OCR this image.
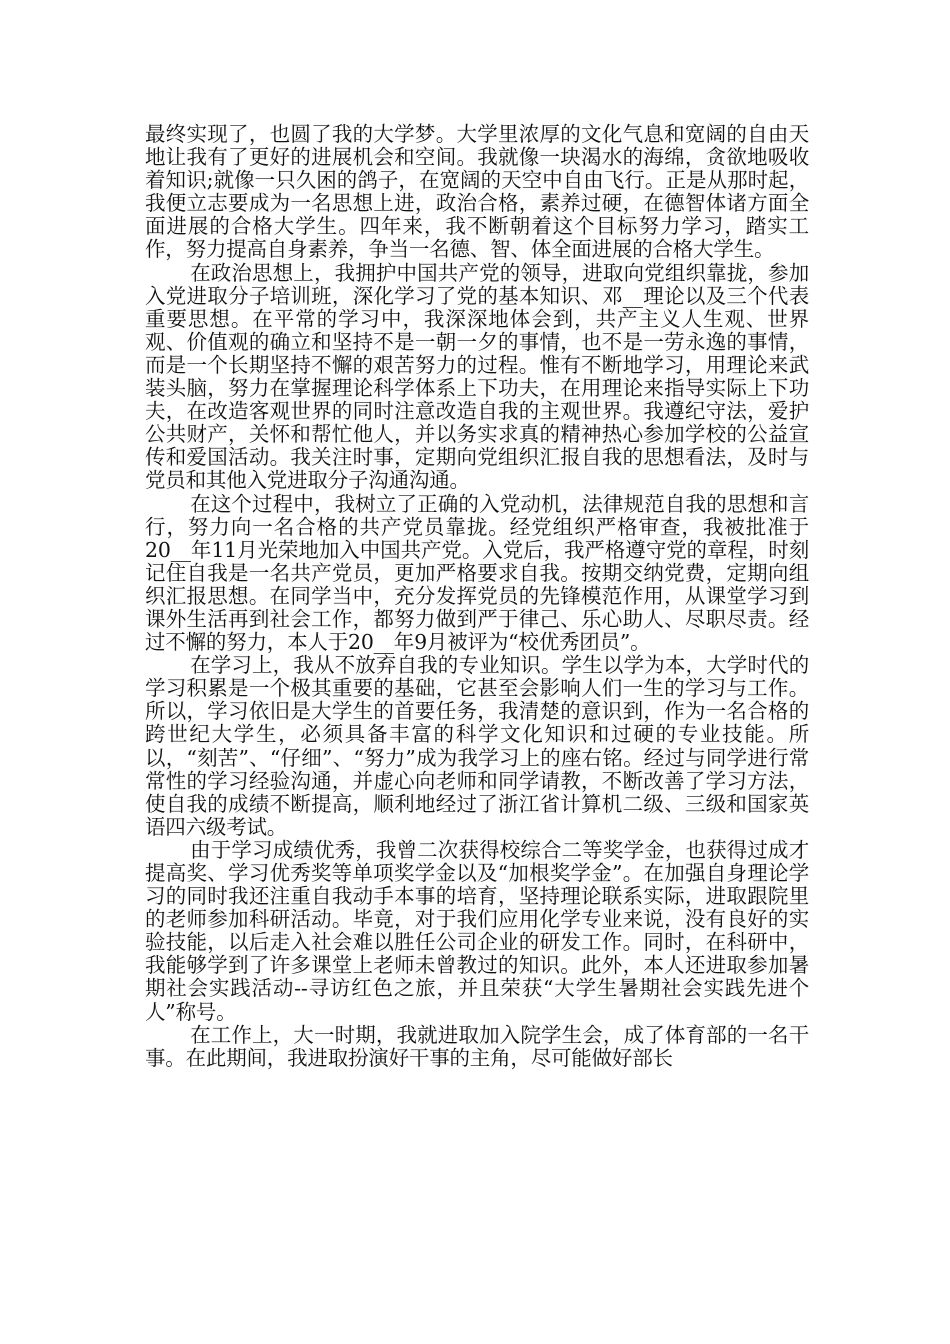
最终实现了，也圆了我的大学梦。大学里浓厚的文化气息和宽阔的自由天地让我有了更好的进展机会和空间。我就像一块渴水的海绵，贪欲地吸收着知识;就像一只久困的鸽子，在宽阔的天空中自由飞行。正是从那时起，我便立志要成为一名思想上进，政治合格，素养过硬，在德智体诸方面全面进展的合格大学生。四年来，我不断朝着这个目标努力学习，踏实工作，努力提高自身素养，争当一名德、智、体全面进展的合格大学生。

在政治思想上，我拥护中国共产党的领导，进取向党组织靠拢，参加入党进取分子培训班，深化学习了党的基本知识、邓__理论以及三个代表重要思想。在平常的学习中，我深深地体会到，共产主义人生观、世界观、价值观的确立和坚持不是一朝一夕的事情，也不是一劳永逸的事情，而是一个长期坚持不懈的艰苦努力的过程。惟有不断地学习，用理论来武装头脑，努力在掌握理论科学体系上下功夫，在用理论来指导实际上下功夫，在改造客观世界的同时注意改造自我的主观世界。我遵纪守法，爱护公共财产，关怀和帮忙他人，并以务实求真的精神热心参加学校的公益宣传和爱国活动。我关注时事，定期向党组织汇报自我的思想看法，及时与党员和其他入党进取分子沟通沟通。

在这个过程中，我树立了正确的入党动机，法律规范自我的思想和言行，努力向一名合格的共产党员靠拢。经党组织严格审查，我被批准于20__年11月光荣地加入中国共产党。入党后，我严格遵守党的章程，时刻记住自我是一名共产党员，更加严格要求自我。按期交纳党费，定期向组织汇报思想。在同学当中，充分发挥党员的先锋模范作用，从课堂学习到课外生活再到社会工作，都努力做到严于律己、乐心助人、尽职尽责。经过不懈的努力，本人于20__年9月被评为“校优秀团员”。

在学习上，我从不放弃自我的专业知识。学生以学为本，大学时代的学习积累是一个极其重要的基础，它甚至会影响人们一生的学习与工作。所以，学习依旧是大学生的首要任务，我清楚的意识到，作为一名合格的跨世纪大学生，必须具备丰富的科学文化知识和过硬的专业技能。所以，“刻苦”、“仔细”、“努力”成为我学习上的座右铭。经过与同学进行常常性的学习经验沟通，并虚心向老师和同学请教，不断改善了学习方法，使自我的成绩不断提高，顺利地经过了浙江省计算机二级、三级和国家英语四六级考试。

由于学习成绩优秀，我曾二次获得校综合二等奖学金，也获得过成才提高奖、学习优秀奖等单项奖学金以及“加根奖学金”。在加强自身理论学习的同时我还注重自我动手本事的培育，坚持理论联系实际，进取跟院里的老师参加科研活动。毕竟，对于我们应用化学专业来说，没有良好的实验技能，以后走入社会难以胜任公司企业的研发工作。同时，在科研中，我能够学到了许多课堂上老师未曾教过的知识。此外，本人还进取参加暑期社会实践活动--寻访红色之旅，并且荣获“大学生暑期社会实践先进个人”称号。

在工作上，大一时期，我就进取加入院学生会，成了体育部的一名干事。在此期间，我进取扮演好干事的主角，尽可能做好部长
